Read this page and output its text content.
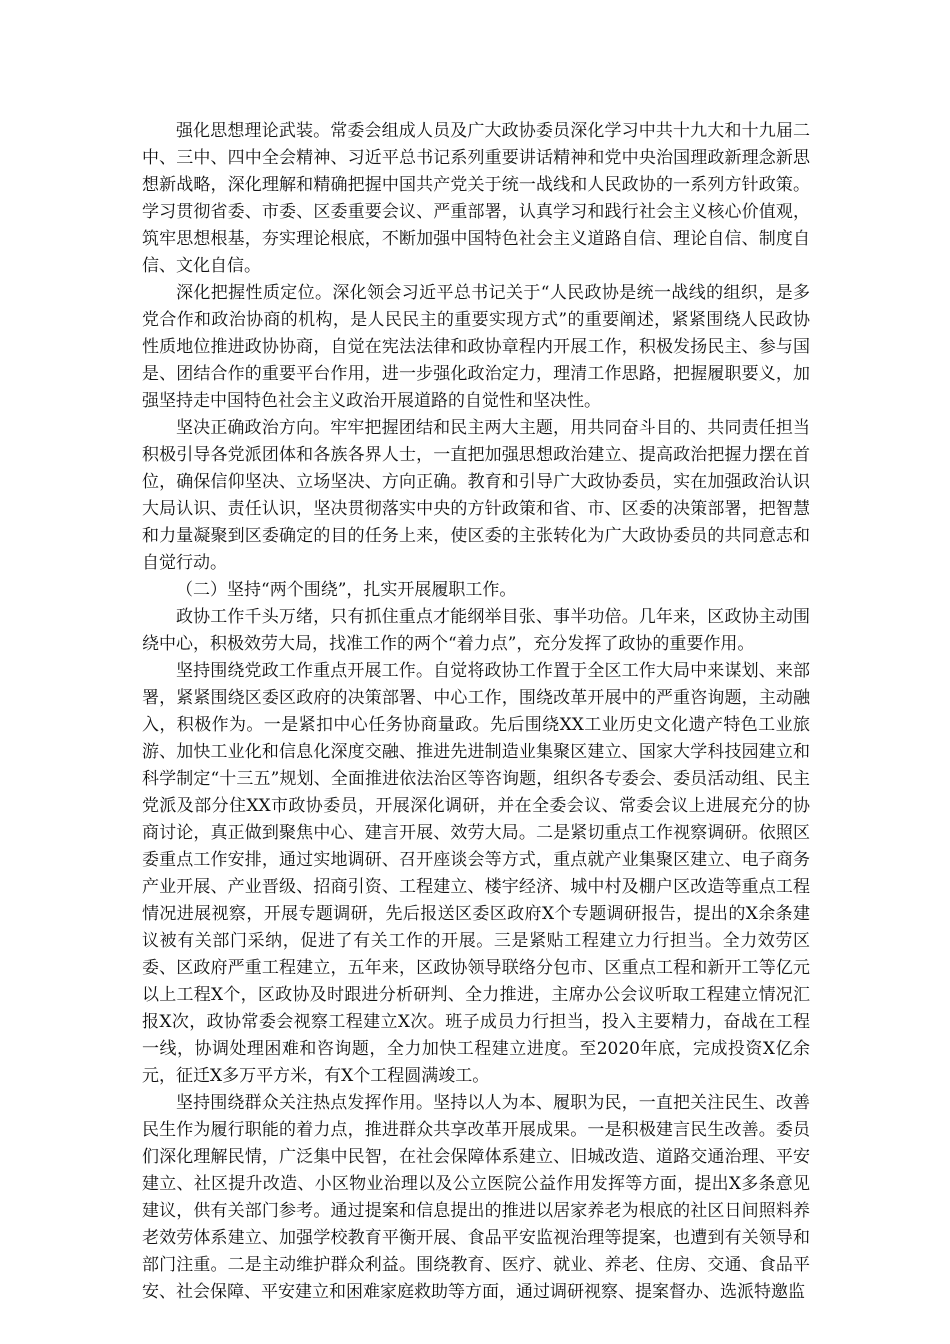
强化思想理论武装。常委会组成人员及广大政协委员深化学习中共十九大和十九届二中、三中、四中全会精神、习近平总书记系列重要讲话精神和党中央治国理政新理念新思想新战略，深化理解和精确把握中国共产党关于统一战线和人民政协的一系列方针政策。学习贯彻省委、市委、区委重要会议、严重部署，认真学习和践行社会主义核心价值观，筑牢思想根基，夯实理论根底，不断加强中国特色社会主义道路自信、理论自信、制度自信、文化自信。

深化把握性质定位。深化领会习近平总书记关于“人民政协是统一战线的组织，是多党合作和政治协商的机构，是人民民主的重要实现方式”的重要阐述，紧紧围绕人民政协性质地位推进政协协商，自觉在宪法法律和政协章程内开展工作，积极发扬民主、参与国是、团结合作的重要平台作用，进一步强化政治定力，理清工作思路，把握履职要义，加强坚持走中国特色社会主义政治开展道路的自觉性和坚决性。

坚决正确政治方向。牢牢把握团结和民主两大主题，用共同奋斗目的、共同责任担当积极引导各党派团体和各族各界人士，一直把加强思想政治建立、提高政治把握力摆在首位，确保信仰坚决、立场坚决、方向正确。教育和引导广大政协委员，实在加强政治认识大局认识、责任认识，坚决贯彻落实中央的方针政策和省、市、区委的决策部署，把智慧和力量凝聚到区委确定的目的任务上来，使区委的主张转化为广大政协委员的共同意志和自觉行动。

（二）坚持“两个围绕”，扎实开展履职工作。

政协工作千头万绪，只有抓住重点才能纲举目张、事半功倍。几年来，区政协主动围绕中心，积极效劳大局，找准工作的两个“着力点”，充分发挥了政协的重要作用。

坚持围绕党政工作重点开展工作。自觉将政协工作置于全区工作大局中来谋划、来部署，紧紧围绕区委区政府的决策部署、中心工作，围绕改革开展中的严重咨询题，主动融入，积极作为。一是紧扣中心任务协商量政。先后围绕XX工业历史文化遗产特色工业旅游、加快工业化和信息化深度交融、推进先进制造业集聚区建立、国家大学科技园建立和科学制定“十三五”规划、全面推进依法治区等咨询题，组织各专委会、委员活动组、民主党派及部分住XX市政协委员，开展深化调研，并在全委会议、常委会议上进展充分的协商讨论，真正做到聚焦中心、建言开展、效劳大局。二是紧切重点工作视察调研。依照区委重点工作安排，通过实地调研、召开座谈会等方式，重点就产业集聚区建立、电子商务产业开展、产业晋级、招商引资、工程建立、楼宇经济、城中村及棚户区改造等重点工程情况进展视察，开展专题调研，先后报送区委区政府X个专题调研报告，提出的X余条建议被有关部门采纳，促进了有关工作的开展。三是紧贴工程建立力行担当。全力效劳区委、区政府严重工程建立，五年来，区政协领导联络分包市、区重点工程和新开工等亿元以上工程X个，区政协及时跟进分析研判、全力推进，主席办公会议听取工程建立情况汇报X次，政协常委会视察工程建立X次。班子成员力行担当，投入主要精力，奋战在工程一线，协调处理困难和咨询题，全力加快工程建立进度。至2020年底，完成投资X亿余元，征迁X多万平方米，有X个工程圆满竣工。

坚持围绕群众关注热点发挥作用。坚持以人为本、履职为民，一直把关注民生、改善民生作为履行职能的着力点，推进群众共享改革开展成果。一是积极建言民生改善。委员们深化理解民情，广泛集中民智，在社会保障体系建立、旧城改造、道路交通治理、平安建立、社区提升改造、小区物业治理以及公立医院公益作用发挥等方面，提出X多条意见建议，供有关部门参考。通过提案和信息提出的推进以居家养老为根底的社区日间照料养老效劳体系建立、加强学校教育平衡开展、食品平安监视治理等提案，也遭到有关领导和部门注重。二是主动维护群众利益。围绕教育、医疗、就业、养老、住房、交通、食品平安、社会保障、平安建立和困难家庭救助等方面，通过调研视察、提案督办、选派特邀监
